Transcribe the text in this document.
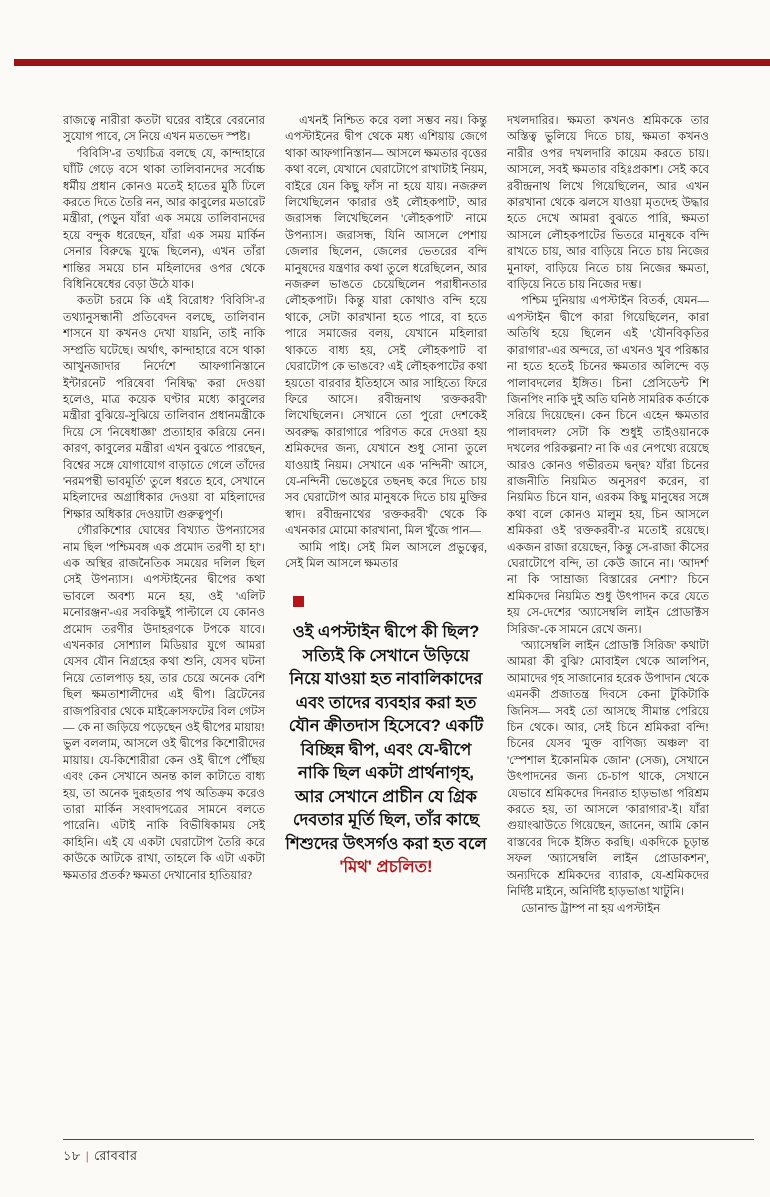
রাজত্বে নারীরা কতটা ঘরের বাইরে বেরনোর সুযোগ পাবে, সে নিয়ে এখন মতভেদ স্পষ্ট।

'বিবিসি'-র তথ্যচিত্র বলছে যে, কান্দাহারে ঘাঁটি গেড়ে বসে থাকা তালিবানদের সর্বোচ্চ ধর্মীয় প্রধান কোনও মতেই হাতের মুঠি ঢিলে করতে দিতে তৈরি নন, আর কাবুলের মডারেট মন্ত্রীরা, (পড়ুন যাঁরা এক সময়ে তালিবানদের হয়ে বন্দুক ধরেছেন, যাঁরা এক সময় মার্কিন সেনার বিরুদ্ধে যুদ্ধে ছিলেন), এখন তাঁরা শান্তির সময়ে চান মহিলাদের ওপর থেকে বিধিনিষেধের বেড়া উঠে যাক।

কতটা চরমে কি এই বিরোধ? 'বিবিসি'-র তথ্যানুসন্ধানী প্রতিবেদন বলছে, তালিবান শাসনে যা কখনও দেখা যায়নি, তাই নাকি সম্প্রতি ঘটেছে। অর্থাৎ, কান্দাহারে বসে থাকা আখুনজাদার নির্দেশে আফগানিস্তানে ইন্টারনেট পরিষেবা 'নিষিদ্ধ' করা দেওয়া হলেও, মাত্র কয়েক ঘণ্টার মধ্যে কাবুলের মন্ত্রীরা বুঝিয়ে-সুঝিয়ে তালিবান প্রধানমন্ত্রীকে দিয়ে সে 'নিষেধাজ্ঞা' প্রত্যাহার করিয়ে নেন। কারণ, কাবুলের মন্ত্রীরা এখন বুঝতে পারছেন, বিশ্বের সঙ্গে যোগাযোগ বাড়াতে গেলে তাঁদের 'নরমপন্থী ভাবমূর্তি' তুলে ধরতে হবে, সেখানে মহিলাদের অগ্রাধিকার দেওয়া বা মহিলাদের শিক্ষার অধিকার দেওয়াটা গুরুত্বপূর্ণ।

গৌরকিশোর ঘোষের বিখ্যাত উপন্যাসের নাম ছিল 'পশ্চিমবঙ্গ এক প্রমোদ তরণী হা হা'। এক অস্থির রাজনৈতিক সময়ের দলিল ছিল সেই উপন্যাস। এপস্টাইনের দ্বীপের কথা ভাবলে অবশ্য মনে হয়, ওই 'এলিট মনোরঞ্জন'-এর সবকিছুই পাল্টালে যে কোনও প্রমোদ তরণীর উদাহরণকে টপকে যাবে। এখনকার সোশ্যাল মিডিয়ার যুগে আমরা যেসব যৌন নিগ্রহের কথা শুনি, যেসব ঘটনা নিয়ে তোলপাড় হয়, তার চেয়ে অনেক বেশি ছিল ক্ষমতাশালীদের এই দ্বীপ। ব্রিটেনের রাজপরিবার থেকে মাইক্রোসফটের বিল গেটস— কে না জড়িয়ে পড়েছেন ওই দ্বীপের মায়ায়! ভুল বললাম, আসলে ওই দ্বীপের কিশোরীদের মায়ায়। যে-কিশোরীরা কেন ওই দ্বীপে পৌঁছয় এবং কেন সেখানে অনন্ত কাল কাটাতে বাধ্য হয়, তা অনেক দুরূহতার পথ অতিক্রম করেও তারা মার্কিন সংবাদপত্রের সামনে বলতে পারেনি। এটাই নাকি বিভীষিকাময় সেই কাহিনি। এই যে একটা ঘেরাটোপ তৈরি করে কাউকে আটকে রাখা, তাহলে কি এটা একটা ক্ষমতার প্রতর্ক? ক্ষমতা দেখানোর হাতিয়ার?

এখনই নিশ্চিত করে বলা সম্ভব নয়। কিন্তু এপস্টাইনের দ্বীপ থেকে মধ্য এশিয়ায় জেগে থাকা আফগানিস্তান— আসলে ক্ষমতার বৃত্তের কথা বলে, যেখানে ঘেরাটোপে রাখাটাই নিয়ম, বাইরে যেন কিছু ফাঁস না হয়ে যায়। নজরুল লিখেছিলেন 'কারার ওই লৌহকপাট', আর জরাসন্ধ লিখেছিলেন 'লৌহকপাট' নামে উপন্যাস। জরাসন্ধ, যিনি আসলে পেশায় জেলার ছিলেন, জেলের ভেতরের বন্দি মানুষদের যন্ত্রণার কথা তুলে ধরেছিলেন, আর নজরুল ভাঙতে চেয়েছিলেন পরাধীনতার লৌহকপাট। কিন্তু যারা কোথাও বন্দি হয়ে থাকে, সেটা কারখানা হতে পারে, বা হতে পারে সমাজের বলয়, যেখানে মহিলারা থাকতে বাধ্য হয়, সেই লৌহকপাট বা ঘেরাটোপ কে ভাঙবে? এই লৌহকপাটের কথা হয়তো বারবার ইতিহাসে আর সাহিত্যে ফিরে ফিরে আসে। রবীন্দ্রনাথ 'রক্তকরবী' লিখেছিলেন। সেখানে তো পুরো দেশকেই অবরুদ্ধ কারাগারে পরিণত করে দেওয়া হয় শ্রমিকদের জন্য, যেখানে শুধু সোনা তুলে যাওয়াই নিয়ম। সেখানে এক 'নন্দিনী' আসে, যে-নন্দিনী ভেঙেচুরে তছনছ করে দিতে চায় সব ঘেরাটোপ আর মানুষকে দিতে চায় মুক্তির স্বাদ। রবীন্দ্রনাথের 'রক্তকরবী' থেকে কি এখনকার মোমো কারখানা, মিল খুঁজে পান—

আমি পাই। সেই মিল আসলে প্রভুত্বের, সেই মিল আসলে ক্ষমতার

ওই এপস্টাইন দ্বীপে কী ছিল? সত্যিই কি সেখানে উড়িয়ে নিয়ে যাওয়া হত নাবালিকাদের এবং তাদের ব্যবহার করা হত যৌন ক্রীতদাস হিসেবে? একটি বিচ্ছিন্ন দ্বীপ, এবং যে-দ্বীপে নাকি ছিল একটা প্রার্থনাগৃহ, আর সেখানে প্রাচীন যে গ্রিক দেবতার মূর্তি ছিল, তাঁর কাছে শিশুদের উৎসর্গও করা হত বলে 'মিথ' প্রচলিত!

দখলদারির। ক্ষমতা কখনও শ্রমিককে তার অস্তিত্ব ভুলিয়ে দিতে চায়, ক্ষমতা কখনও নারীর ওপর দখলদারি কায়েম করতে চায়। আসলে, সবই ক্ষমতার বহিঃপ্রকাশ। সেই কবে রবীন্দ্রনাথ লিখে গিয়েছিলেন, আর এখন কারখানা থেকে ঝলসে যাওয়া মৃতদেহ উদ্ধার হতে দেখে আমরা বুঝতে পারি, ক্ষমতা আসলে লৌহকপাটের ভিতরে মানুষকে বন্দি রাখতে চায়, আর বাড়িয়ে নিতে চায় নিজের মুনাফা, বাড়িয়ে নিতে চায় নিজের ক্ষমতা, বাড়িয়ে নিতে চায় নিজের দম্ভ।

পশ্চিম দুনিয়ায় এপস্টাইন বিতর্ক, যেমন— এপস্টাইন দ্বীপে কারা গিয়েছিলেন, কারা অতিথি হয়ে ছিলেন এই 'যৌনবিকৃতির কারাগার'-এর অন্দরে, তা এখনও খুব পরিষ্কার না হতে হতেই চিনের ক্ষমতার অলিন্দে বড় পালাবদলের ইঙ্গিত। চিনা প্রেসিডেন্ট শি জিনপিং নাকি দুই অতি ঘনিষ্ঠ সামরিক কর্তাকে সরিয়ে দিয়েছেন। কেন চিনে এহেন ক্ষমতার পালাবদল? সেটা কি শুধুই তাইওয়ানকে দখলের পরিকল্পনা? না কি এর নেপথ্যে রয়েছে আরও কোনও গভীরতম দ্বন্দ্ব? যাঁরা চিনের রাজনীতি নিয়মিত অনুসরণ করেন, বা নিয়মিত চিনে যান, এরকম কিছু মানুষের সঙ্গে কথা বলে কোনও মালুম হয়, চিন আসলে শ্রমিকরা ওই 'রক্তকরবী'-র মতোই রয়েছে। একজন রাজা রয়েছেন, কিন্তু সে-রাজা কীসের ঘেরাটোপে বন্দি, তা কেউ জানে না। 'আদর্শ' না কি 'সাম্রাজ্য বিস্তারের নেশা'? চিনে শ্রমিকদের নিয়মিত শুধু উৎপাদন করে যেতে হয় সে-দেশের 'অ্যাসেম্বলি লাইন প্রোডাক্টস সিরিজ'-কে সামনে রেখে জন্য।

'অ্যাসেম্বলি লাইন প্রোডাক্ট সিরিজ' কথাটা আমরা কী বুঝি? মোবাইল থেকে আলপিন, আমাদের গৃহ সাজানোর হরেক উপাদান থেকে এমনকী প্রজাতন্ত্র দিবসে কেনা টুকিটাকি জিনিস— সবই তো আসছে সীমান্ত পেরিয়ে চিন থেকে। আর, সেই চিনে শ্রমিকরা বন্দি! চিনের যেসব 'মুক্ত বাণিজ্য অঞ্চল' বা 'স্পেশাল ইকোনমিক জোন' (সেজ), সেখানে উৎপাদনের জন্য চে-চাপ থাকে, সেখানে যেভাবে শ্রমিকদের দিনরাত হাড়ভাঙা পরিশ্রম করতে হয়, তা আসলে 'কারাগার'-ই। যাঁরা গুয়াংঝাউতে গিয়েছেন, জানেন, আমি কোন বাস্তবের দিকে ইঙ্গিত করছি। একদিকে চূড়ান্ত সফল 'অ্যাসেম্বলি লাইন প্রোডাকশন', অন্যদিকে শ্রমিকদের ব্যারাক, যে-শ্রমিকদের নির্দিষ্ট মাইনে, অনির্দিষ্ট হাড়ভাঙা খাটুনি।

ডোনাল্ড ট্রাম্প না হয় এপস্টাইন

১৮ | রোববার
